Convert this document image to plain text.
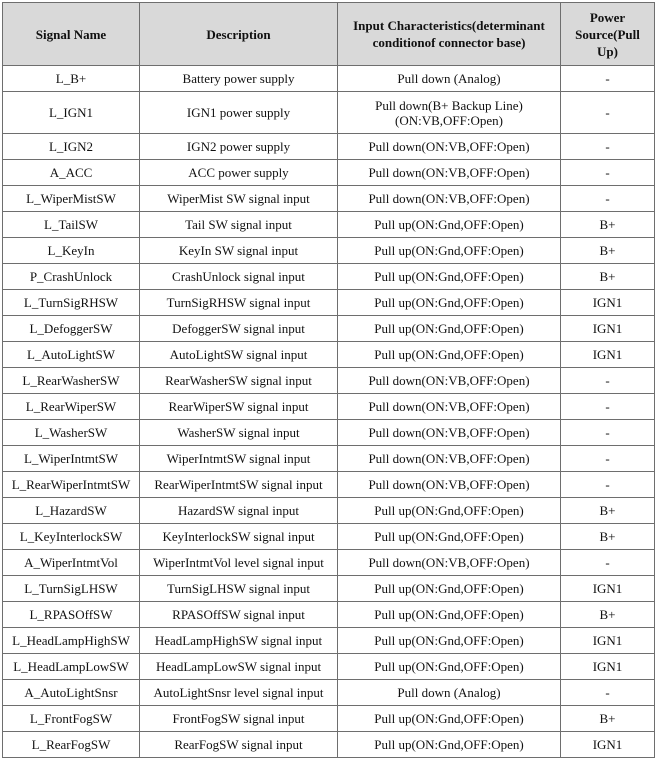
Signal Name	Description	Input Characteristics(determinant conditionof connector base)	Power Source(Pull Up)
L_B+	Battery power supply	Pull down (Analog)	-
L_IGN1	IGN1 power supply	Pull down(B+ Backup Line)(ON:VB,OFF:Open)	-
L_IGN2	IGN2 power supply	Pull down(ON:VB,OFF:Open)	-
A_ACC	ACC power supply	Pull down(ON:VB,OFF:Open)	-
L_WiperMistSW	WiperMist SW signal input	Pull down(ON:VB,OFF:Open)	-
L_TailSW	Tail SW signal input	Pull up(ON:Gnd,OFF:Open)	B+
L_KeyIn	KeyIn SW signal input	Pull up(ON:Gnd,OFF:Open)	B+
P_CrashUnlock	CrashUnlock signal input	Pull up(ON:Gnd,OFF:Open)	B+
L_TurnSigRHSW	TurnSigRHSW signal input	Pull up(ON:Gnd,OFF:Open)	IGN1
L_DefoggerSW	DefoggerSW signal input	Pull up(ON:Gnd,OFF:Open)	IGN1
L_AutoLightSW	AutoLightSW signal input	Pull up(ON:Gnd,OFF:Open)	IGN1
L_RearWasherSW	RearWasherSW signal input	Pull down(ON:VB,OFF:Open)	-
L_RearWiperSW	RearWiperSW signal input	Pull down(ON:VB,OFF:Open)	-
L_WasherSW	WasherSW signal input	Pull down(ON:VB,OFF:Open)	-
L_WiperIntmtSW	WiperIntmtSW signal input	Pull down(ON:VB,OFF:Open)	-
L_RearWiperIntmtSW	RearWiperIntmtSW signal input	Pull down(ON:VB,OFF:Open)	-
L_HazardSW	HazardSW signal input	Pull up(ON:Gnd,OFF:Open)	B+
L_KeyInterlockSW	KeyInterlockSW signal input	Pull up(ON:Gnd,OFF:Open)	B+
A_WiperIntmtVol	WiperIntmtVol level signal input	Pull down(ON:VB,OFF:Open)	-
L_TurnSigLHSW	TurnSigLHSW signal input	Pull up(ON:Gnd,OFF:Open)	IGN1
L_RPASOffSW	RPASOffSW signal input	Pull up(ON:Gnd,OFF:Open)	B+
L_HeadLampHighSW	HeadLampHighSW signal input	Pull up(ON:Gnd,OFF:Open)	IGN1
L_HeadLampLowSW	HeadLampLowSW signal input	Pull up(ON:Gnd,OFF:Open)	IGN1
A_AutoLightSnsr	AutoLightSnsr level signal input	Pull down (Analog)	-
L_FrontFogSW	FrontFogSW signal input	Pull up(ON:Gnd,OFF:Open)	B+
L_RearFogSW	RearFogSW signal input	Pull up(ON:Gnd,OFF:Open)	IGN1
